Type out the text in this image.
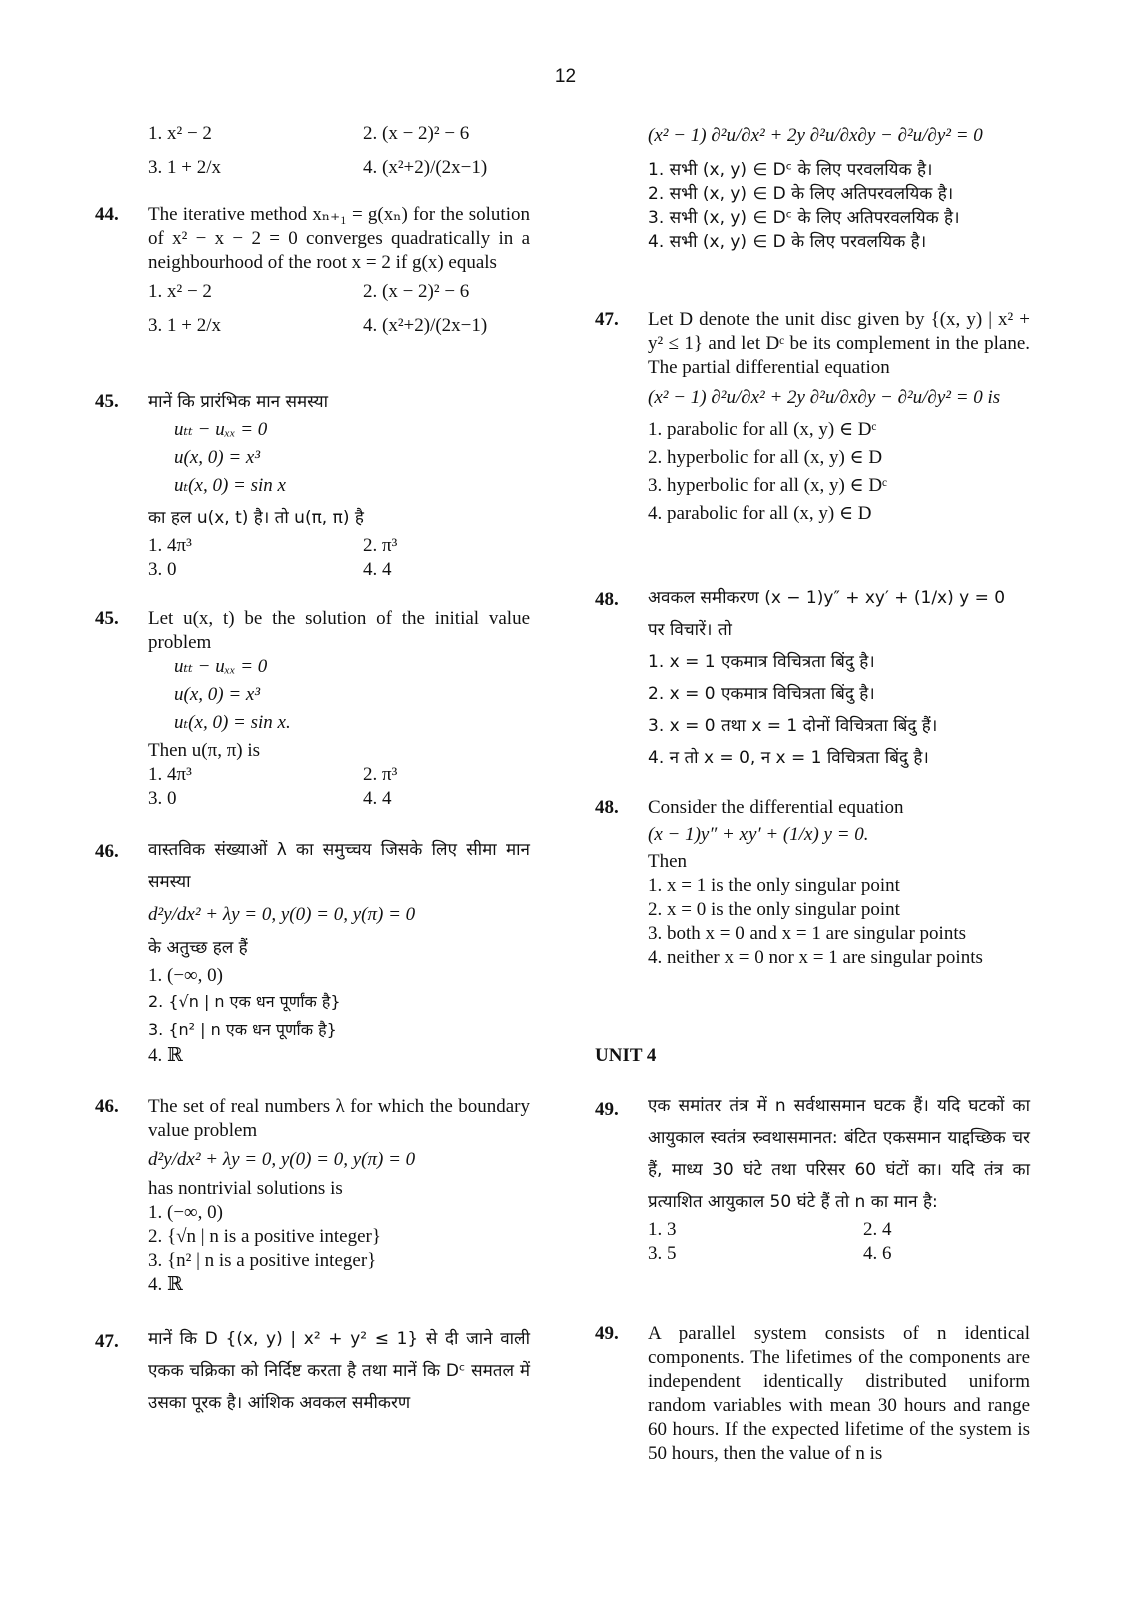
12
1. x² − 2	2. (x − 2)² − 6
3. 1 + 2/x	4. (x²+2)/(2x−1)
44. The iterative method xₙ₊₁ = g(xₙ) for the solution of x² − x − 2 = 0 converges quadratically in a neighbourhood of the root x = 2 if g(x) equals
1. x² − 2	2. (x − 2)² − 6
3. 1 + 2/x	4. (x²+2)/(2x−1)
45. मानें कि प्रारंभिक मान समस्या
uₜₜ − uₓₓ = 0
u(x, 0) = x³
uₜ(x, 0) = sin x
का हल u(x, t) है। तो u(π, π) है
1. 4π³	2. π³
3. 0	4. 4
45. Let u(x, t) be the solution of the initial value problem
uₜₜ − uₓₓ = 0
u(x, 0) = x³
uₜ(x, 0) = sin x.
Then u(π, π) is
1. 4π³	2. π³
3. 0	4. 4
46. वास्तविक संख्याओं λ का समुच्चय जिसके लिए सीमा मान समस्या
d²y/dx² + λy = 0, y(0) = 0, y(π) = 0
के अतुच्छ हल हैं
1. (−∞, 0)
2. {√n | n एक धन पूर्णांक है}
3. {n² | n एक धन पूर्णांक है}
4. ℝ
46. The set of real numbers λ for which the boundary value problem
d²y/dx² + λy = 0, y(0) = 0, y(π) = 0
has nontrivial solutions is
1. (−∞, 0)
2. {√n | n is a positive integer}
3. {n² | n is a positive integer}
4. ℝ
47. मानें कि D {(x, y) | x² + y² ≤ 1} से दी जाने वाली एकक चक्रिका को निर्दिष्ट करता है तथा मानें कि Dᶜ समतल में उसका पूरक है। आंशिक अवकल समीकरण
(x² − 1) ∂²u/∂x² + 2y ∂²u/∂x∂y − ∂²u/∂y² = 0
1. सभी (x, y) ∈ Dᶜ के लिए परवलयिक है।
2. सभी (x, y) ∈ D के लिए अतिपरवलयिक है।
3. सभी (x, y) ∈ Dᶜ के लिए अतिपरवलयिक है।
4. सभी (x, y) ∈ D के लिए परवलयिक है।
47. Let D denote the unit disc given by {(x, y) | x² + y² ≤ 1} and let Dᶜ be its complement in the plane. The partial differential equation
(x² − 1) ∂²u/∂x² + 2y ∂²u/∂x∂y − ∂²u/∂y² = 0 is
1. parabolic for all (x, y) ∈ Dᶜ
2. hyperbolic for all (x, y) ∈ D
3. hyperbolic for all (x, y) ∈ Dᶜ
4. parabolic for all (x, y) ∈ D
48. अवकल समीकरण (x − 1)y″ + xy′ + (1/x) y = 0
पर विचारें। तो
1. x = 1 एकमात्र विचित्रता बिंदु है।
2. x = 0 एकमात्र विचित्रता बिंदु है।
3. x = 0 तथा x = 1 दोनों विचित्रता बिंदु हैं।
4. न तो x = 0, न x = 1 विचित्रता बिंदु है।
48. Consider the differential equation
(x − 1)y″ + xy′ + (1/x) y = 0.
Then
1. x = 1 is the only singular point
2. x = 0 is the only singular point
3. both x = 0 and x = 1 are singular points
4. neither x = 0 nor x = 1 are singular points
UNIT 4
49. एक समांतर तंत्र में n सर्वथासमान घटक हैं। यदि घटकों का आयुकाल स्वतंत्र स्र्वथासमानत: बंटित एकसमान याद्दच्छिक चर हैं, माध्य 30 घंटे तथा परिसर 60 घंटों का। यदि तंत्र का प्रत्याशित आयुकाल 50 घंटे हैं तो n का मान है:
1. 3	2. 4
3. 5	4. 6
49. A parallel system consists of n identical components. The lifetimes of the components are independent identically distributed uniform random variables with mean 30 hours and range 60 hours. If the expected lifetime of the system is 50 hours, then the value of n is
